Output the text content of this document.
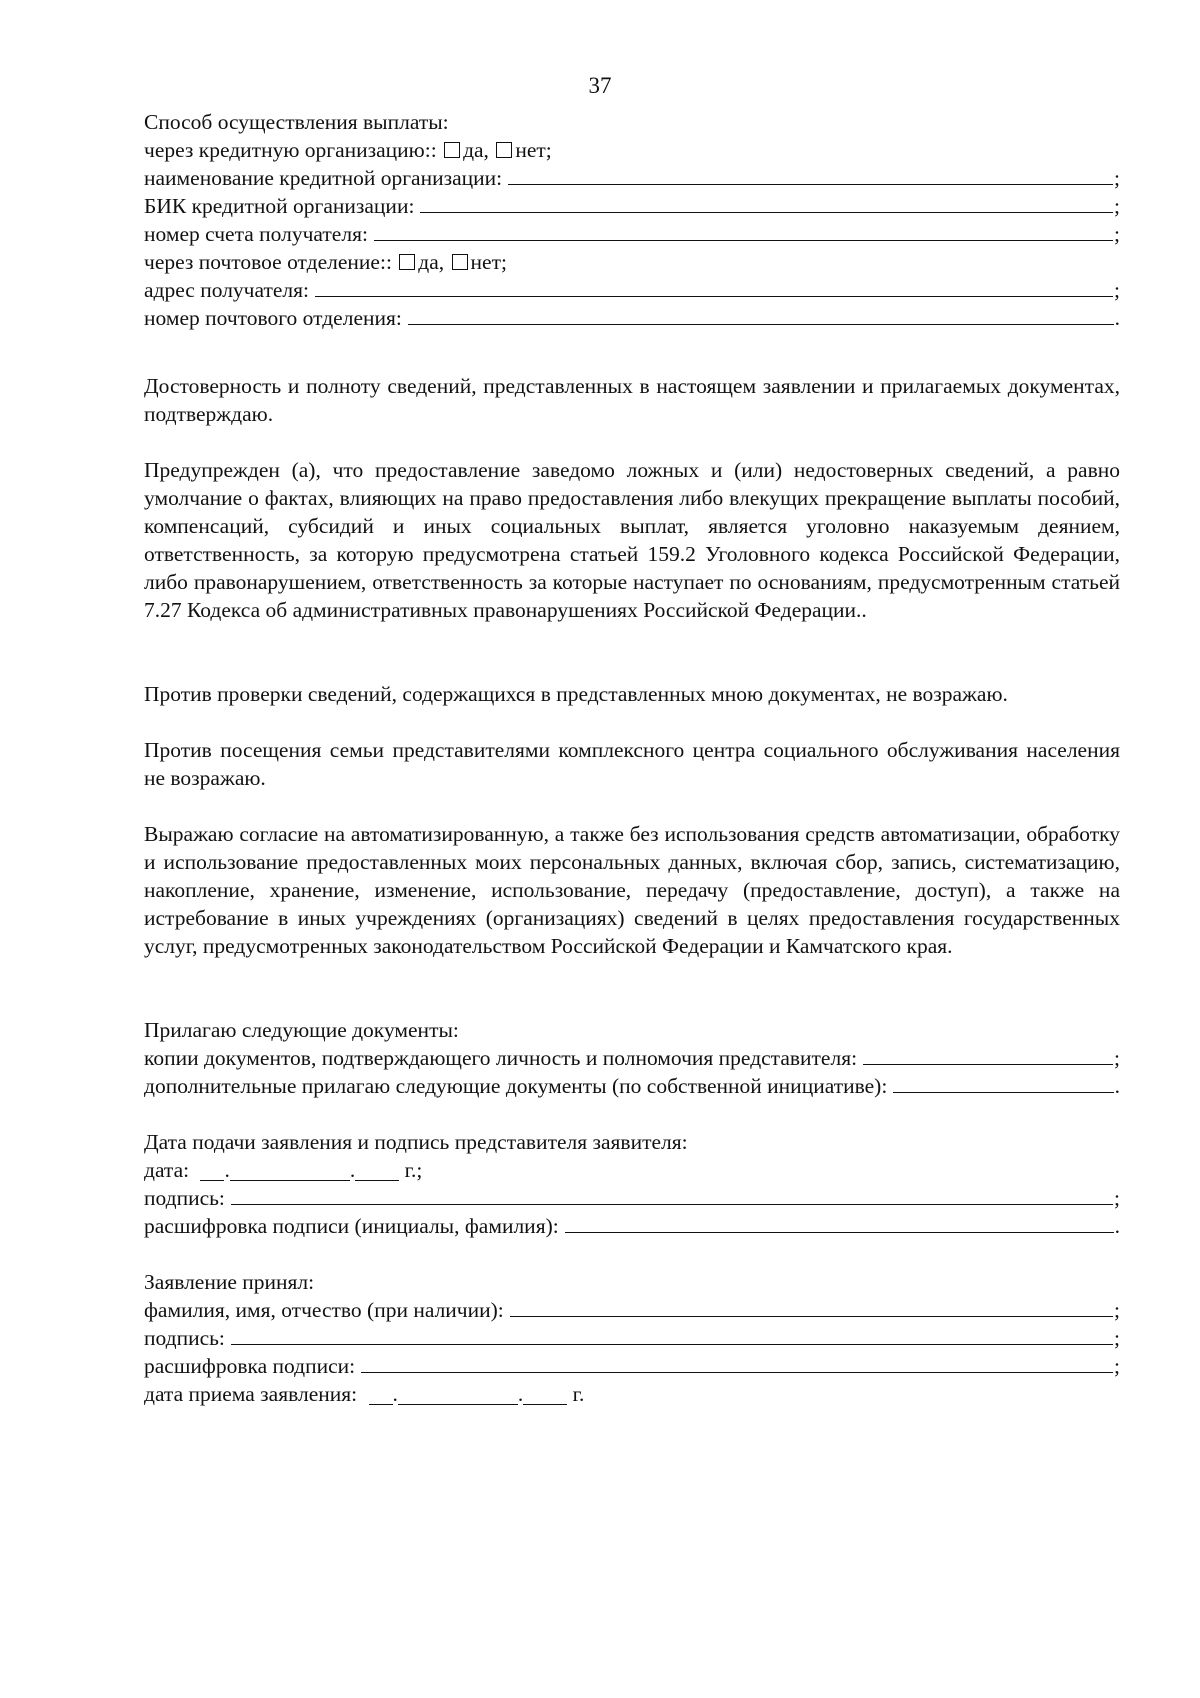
37
Способ осуществления выплаты:
через кредитную организацию:: да, нет;
наименование кредитной организации:	;
БИК кредитной организации:	;
номер счета получателя:	;
через почтовое отделение:: да, нет;
адрес получателя:	;
номер почтового отделения:	.
Достоверность и полноту сведений, представленных в настоящем заявлении и прилагаемых документах, подтверждаю.
Предупрежден (а), что предоставление заведомо ложных и (или) недостоверных сведений, а равно умолчание о фактах, влияющих на право предоставления либо влекущих прекращение выплаты пособий, компенсаций, субсидий и иных социальных выплат, является уголовно наказуемым деянием, ответственность, за которую предусмотрена статьей 159.2 Уголовного кодекса Российской Федерации, либо правонарушением, ответственность за которые наступает по основаниям, предусмотренным статьей 7.27 Кодекса об административных правонарушениях Российской Федерации..
Против проверки сведений, содержащихся в представленных мною документах, не возражаю.
Против посещения семьи представителями комплексного центра социального обслуживания населения не возражаю.
Выражаю согласие на автоматизированную, а также без использования средств автоматизации, обработку и использование предоставленных моих персональных данных, включая сбор, запись, систематизацию, накопление, хранение, изменение, использование, передачу (предоставление, доступ), а также на истребование в иных учреждениях (организациях) сведений в целях предоставления государственных услуг, предусмотренных законодательством Российской Федерации и Камчатского края.
Прилагаю следующие документы:
копии документов, подтверждающего личность и полномочия представителя:	;
дополнительные прилагаю следующие документы (по собственной инициативе):	.
Дата подачи заявления и подпись представителя заявителя:
дата: .	. г.;
подпись:	;
расшифровка подписи (инициалы, фамилия):	.
Заявление принял:
фамилия, имя, отчество (при наличии):	;
подпись:	;
расшифровка подписи:	;
дата приема заявления: .	. г.
